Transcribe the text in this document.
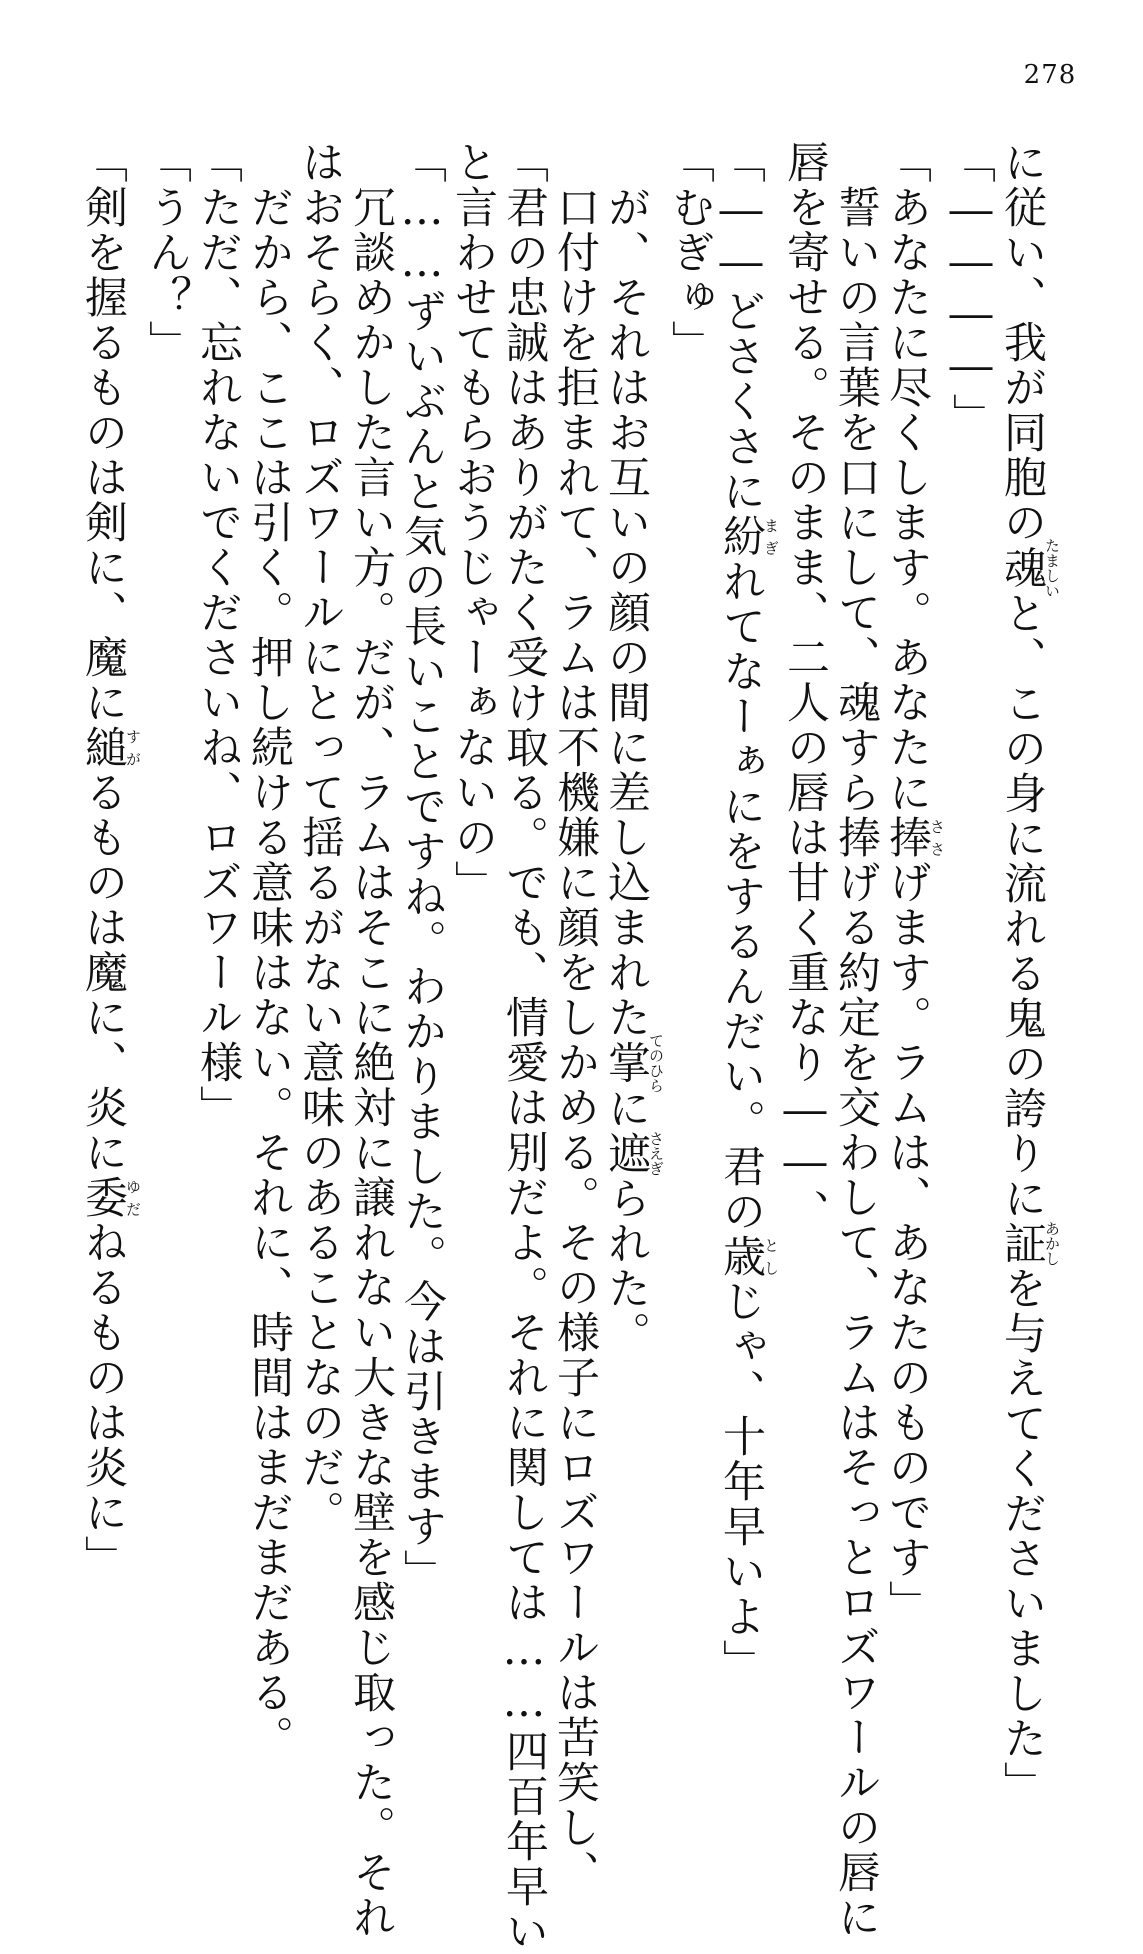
278
に従い、我が同胞の魂たましいと、この身に流れる鬼の誇りに証あかしを与えてくださいました」
「――――」
「あなたに尽くします。あなたに捧ささげます。ラムは、あなたのものです」
　誓いの言葉を口にして、魂すら捧げる約定を交わして、ラムはそっとロズワールの唇に
唇を寄せる。そのまま、二人の唇は甘く重なり――、
「――どさくさに紛まぎれてなーぁにをするんだい。君の歳としじゃ、十年早いよ」
「むぎゅ」
　が、それはお互いの顔の間に差し込まれた掌てのひらに遮さえぎられた。
　口付けを拒まれて、ラムは不機嫌に顔をしかめる。その様子にロズワールは苦笑し、
「君の忠誠はありがたく受け取る。でも、情愛は別だよ。それに関しては……四百年早い
と言わせてもらおうじゃーぁないの」
「……ずいぶんと気の長いことですね。わかりました。今は引きます」
　冗談めかした言い方。だが、ラムはそこに絶対に譲れない大きな壁を感じ取った。それ
はおそらく、ロズワールにとって揺るがない意味のあることなのだ。
　だから、ここは引く。押し続ける意味はない。それに、時間はまだまだある。
「ただ、忘れないでくださいね、ロズワール様」
「うん？」
「剣を握るものは剣に、魔に縋すがるものは魔に、炎に委ゆだねるものは炎に」
